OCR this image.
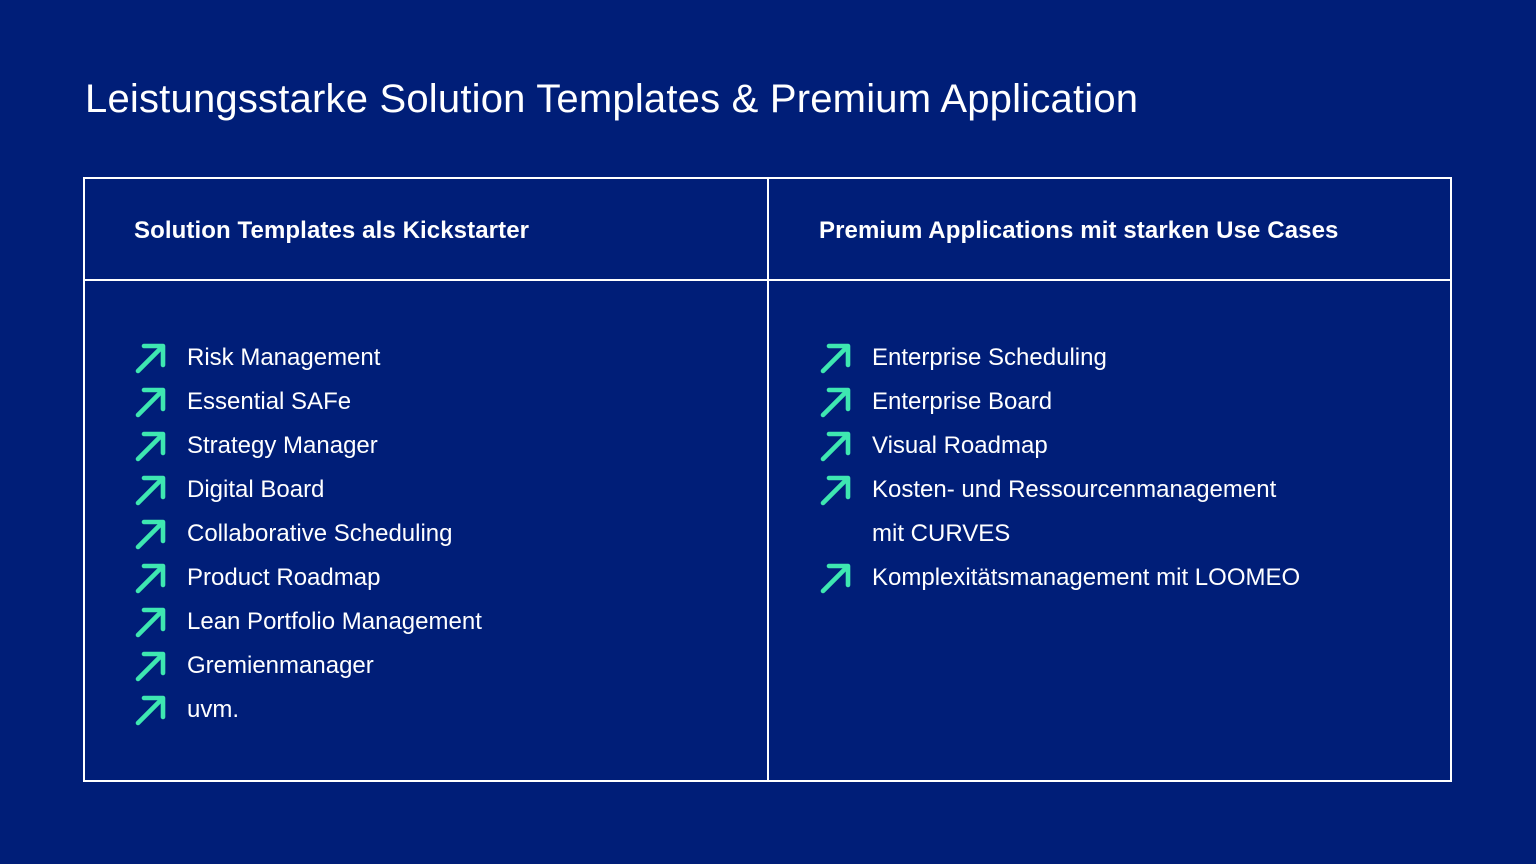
Leistungsstarke Solution Templates & Premium Application
Solution Templates als Kickstarter	Premium Applications mit starken Use Cases
Risk Management
Essential SAFe
Strategy Manager
Digital Board
Collaborative Scheduling
Product Roadmap
Lean Portfolio Management
Gremienmanager
uvm.
Enterprise Scheduling
Enterprise Board
Visual Roadmap
Kosten- und Ressourcenmanagement
mit CURVES
Komplexitätsmanagement mit LOOMEO
